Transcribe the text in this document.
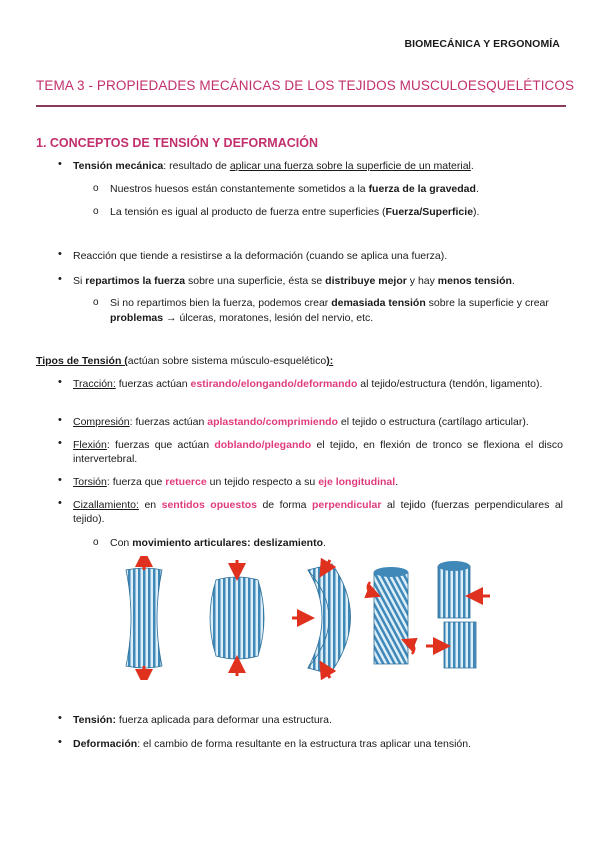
BIOMECÁNICA Y ERGONOMÍA
TEMA 3 - PROPIEDADES MECÁNICAS DE LOS TEJIDOS MUSCULOESQUELÉTICOS
1. CONCEPTOS DE TENSIÓN Y DEFORMACIÓN
• Tensión mecánica: resultado de aplicar una fuerza sobre la superficie de un material.
o Nuestros huesos están constantemente sometidos a la fuerza de la gravedad.
o La tensión es igual al producto de fuerza entre superficies (Fuerza/Superficie).
• Reacción que tiende a resistirse a la deformación (cuando se aplica una fuerza).
• Si repartimos la fuerza sobre una superficie, ésta se distribuye mejor y hay menos tensión.
o Si no repartimos bien la fuerza, podemos crear demasiada tensión sobre la superficie y crear
problemas → úlceras, moratones, lesión del nervio, etc.
Tipos de Tensión (actúan sobre sistema músculo-esquelético):
• Tracción: fuerzas actúan estirando/elongando/deformando al tejido/estructura (tendón, ligamento).
• Compresión: fuerzas actúan aplastando/comprimiendo el tejido o estructura (cartílago articular).
• Flexión: fuerzas que actúan doblando/plegando el tejido, en flexión de tronco se flexiona el disco intervertebral.
• Torsión: fuerza que retuerce un tejido respecto a su eje longitudinal.
• Cizallamiento: en sentidos opuestos de forma perpendicular al tejido (fuerzas perpendiculares al tejido).
o Con movimiento articulares: deslizamiento.
• Tensión: fuerza aplicada para deformar una estructura.
• Deformación: el cambio de forma resultante en la estructura tras aplicar una tensión.
